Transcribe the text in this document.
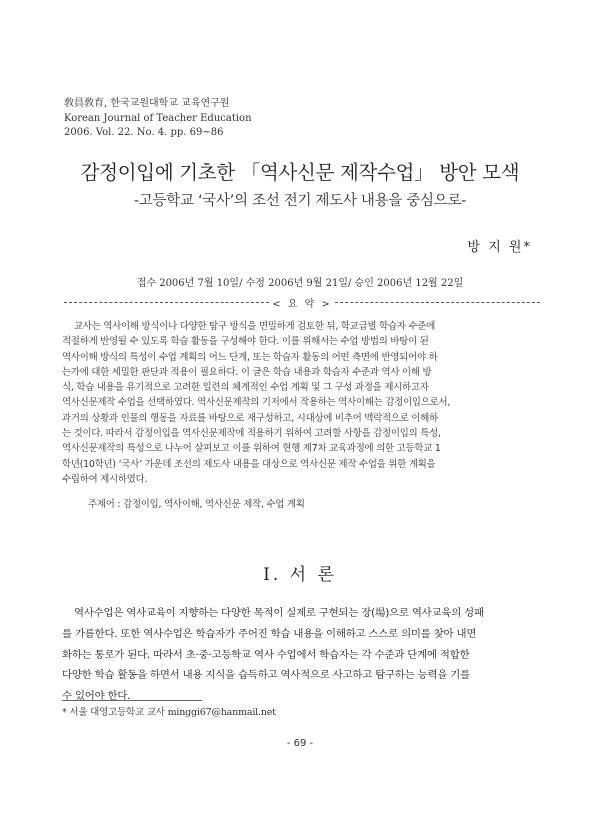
敎員敎育, 한국교원대학교 교육연구원
Korean Journal of Teacher Education
2006. Vol. 22. No. 4. pp. 69~86
감정이입에 기초한 「역사신문 제작수업」 방안 모색
-고등학교 ‘국사’의 조선 전기 제도사 내용을 중심으로-
방 지 원*
접수 2006년 7월 10일/ 수정 2006년 9월 21일/ 승인 2006년 12월 22일
< 요 약 >
교사는 역사이해 방식이나 다양한 탐구 방식을 면밀하게 검토한 뒤, 학교급별 학습자 수준에
적절하게 반영될 수 있도록 학습 활동을 구성해야 한다. 이를 위해서는 수업 방법의 바탕이 된
역사이해 방식의 특성이 수업 계획의 어느 단계, 또는 학습자 활동의 어떤 측면에 반영되어야 하
는가에 대한 세밀한 판단과 적용이 필요하다. 이 글은 학습 내용과 학습자 수준과 역사 이해 방
식, 학습 내용을 유기적으로 고려한 일련의 체계적인 수업 계획 및 그 구성 과정을 제시하고자
역사신문제작 수업을 선택하였다. 역사신문제작의 기저에서 작용하는 역사이해는 감정이입으로서,
과거의 상황과 인물의 행동을 자료를 바탕으로 재구성하고, 시대상에 비추어 맥락적으로 이해하
는 것이다. 따라서 감정이입을 역사신문제작에 적용하기 위하여 고려할 사항을 감정이입의 특성,
역사신문제작의 특성으로 나누어 살펴보고 이를 위하여 현행 제7차 교육과정에 의한 고등학교 1
학년(10학년) ‘국사’ 가운데 조선의 제도사 내용을 대상으로 역사신문 제작 수업을 위한 계획을
수립하여 제시하였다.
주제어 : 감정이입, 역사이해, 역사신문 제작, 수업 계획
Ⅰ. 서 론
역사수업은 역사교육이 지향하는 다양한 목적이 실제로 구현되는 장(場)으로 역사교육의 성패
를 가름한다. 또한 역사수업은 학습자가 주어진 학습 내용을 이해하고 스스로 의미를 찾아 내면
화하는 통로가 된다. 따라서 초·중·고등학교 역사 수업에서 학습자는 각 수준과 단계에 적합한
다양한 학습 활동을 하면서 내용 지식을 습득하고 역사적으로 사고하고 탐구하는 능력을 기를
수 있어야 한다.
* 서울 대영고등학교 교사 minggi67@hanmail.net
- 69 -
